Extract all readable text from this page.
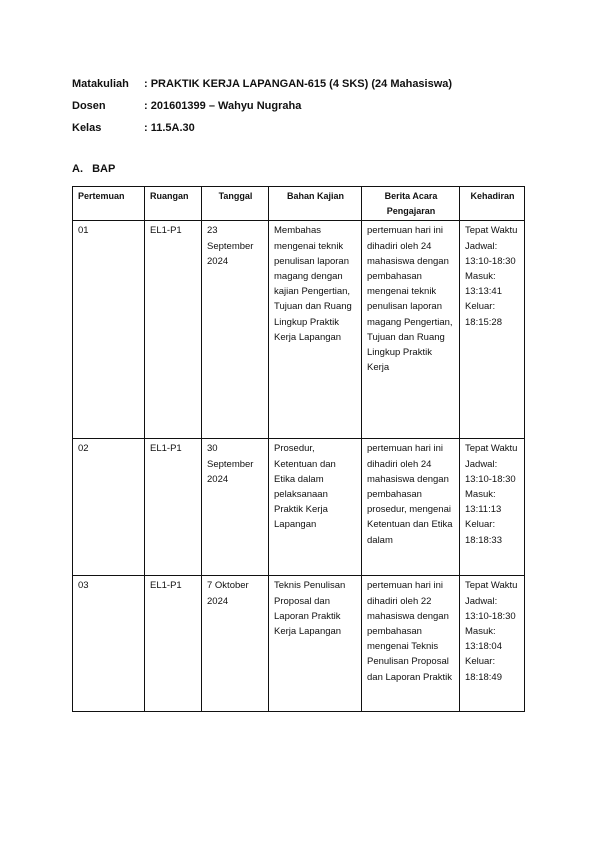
Matakuliah	: PRAKTIK KERJA LAPANGAN-615 (4 SKS) (24 Mahasiswa)
Dosen	: 201601399 – Wahyu Nugraha
Kelas	: 11.5A.30
A. BAP
Pertemuan	Ruangan	Tanggal	Bahan Kajian	Berita Acara Pengajaran	Kehadiran

01	EL1-P1	23 September 2024	Membahas mengenai teknik penulisan laporan magang dengan kajian Pengertian, Tujuan dan Ruang Lingkup Praktik Kerja Lapangan	pertemuan hari ini dihadiri oleh 24 mahasiswa dengan pembahasan mengenai teknik penulisan laporan magang Pengertian, Tujuan dan Ruang Lingkup Praktik Kerja	Tepat Waktu Jadwal: 13:10-18:30 Masuk: 13:13:41 Keluar: 18:15:28

02	EL1-P1	30 September 2024	Prosedur, Ketentuan dan Etika dalam pelaksanaan Praktik Kerja Lapangan	pertemuan hari ini dihadiri oleh 24 mahasiswa dengan pembahasan prosedur, mengenai Ketentuan dan Etika dalam	Tepat Waktu Jadwal: 13:10-18:30 Masuk: 13:11:13 Keluar: 18:18:33

03	EL1-P1	7 Oktober 2024	Teknis Penulisan Proposal dan Laporan Praktik Kerja Lapangan	pertemuan hari ini dihadiri oleh 22 mahasiswa dengan pembahasan mengenai Teknis Penulisan Proposal dan Laporan Praktik	Tepat Waktu Jadwal: 13:10-18:30 Masuk: 13:18:04 Keluar: 18:18:49
